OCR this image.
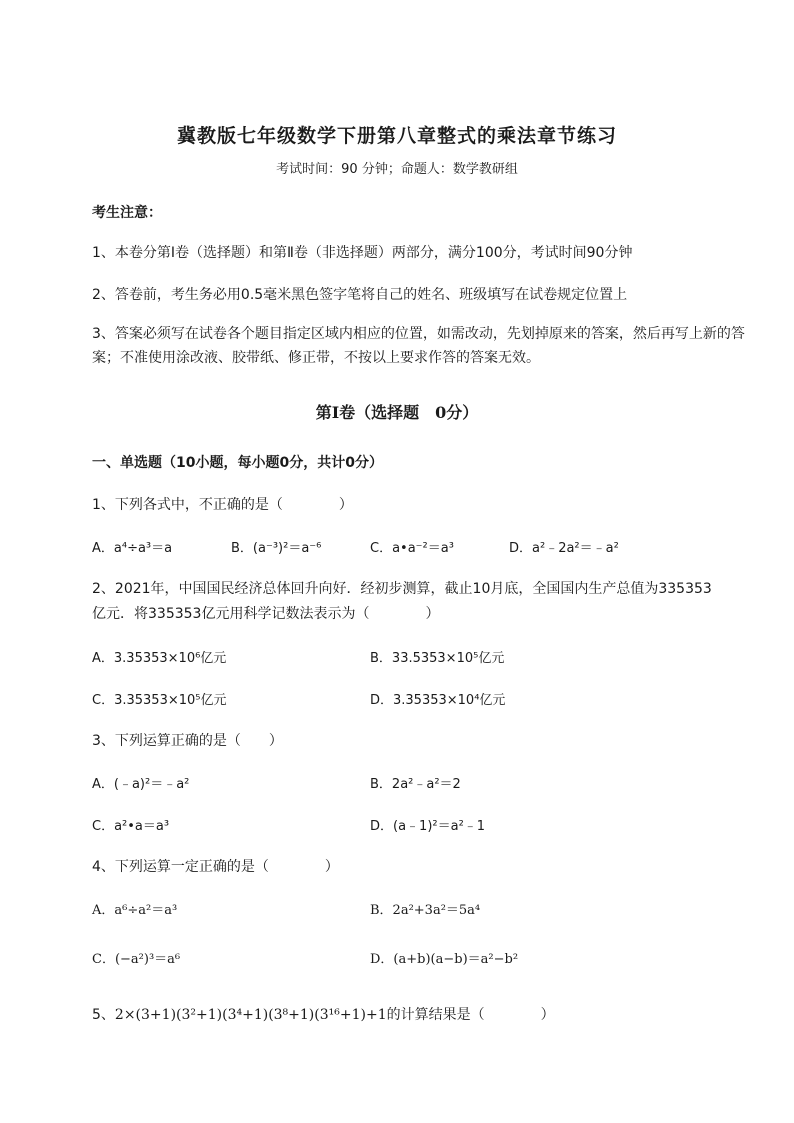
冀教版七年级数学下册第八章整式的乘法章节练习
考试时间：90 分钟；命题人：数学教研组
考生注意：
1、本卷分第Ⅰ卷（选择题）和第Ⅱ卷（非选择题）两部分，满分100分，考试时间90分钟
2、答卷前，考生务必用0.5毫米黑色签字笔将自己的姓名、班级填写在试卷规定位置上
3、答案必须写在试卷各个题目指定区域内相应的位置，如需改动，先划掉原来的答案，然后再写上新的答案；不准使用涂改液、胶带纸、修正带，不按以上要求作答的答案无效。
第Ⅰ卷（选择题　0分）
一、单选题（10小题，每小题0分，共计0分）
1、下列各式中，不正确的是（　　　　）
A．a⁴÷a³＝a	B．(a⁻³)²＝a⁻⁶	C．a•a⁻²＝a³	D．a²﹣2a²＝﹣a²
2、2021年，中国国民经济总体回升向好．经初步测算，截止10月底，全国国内生产总值为335353
亿元．将335353亿元用科学记数法表示为（　　　　）
A．3.35353×10⁶亿元	B．33.5353×10⁵亿元
C．3.35353×10⁵亿元	D．3.35353×10⁴亿元
3、下列运算正确的是（　　）
A．(﹣a)²＝﹣a²	B．2a²﹣a²＝2
C．a²•a＝a³	D．(a﹣1)²＝a²﹣1
4、下列运算一定正确的是（　　　　）
A．a⁶÷a²＝a³	B．2a²+3a²＝5a⁴
C．(−a²)³＝a⁶	D．(a+b)(a−b)＝a²−b²
5、2×(3+1)(3²+1)(3⁴+1)(3⁸+1)(3¹⁶+1)+1的计算结果是（　　　　）
